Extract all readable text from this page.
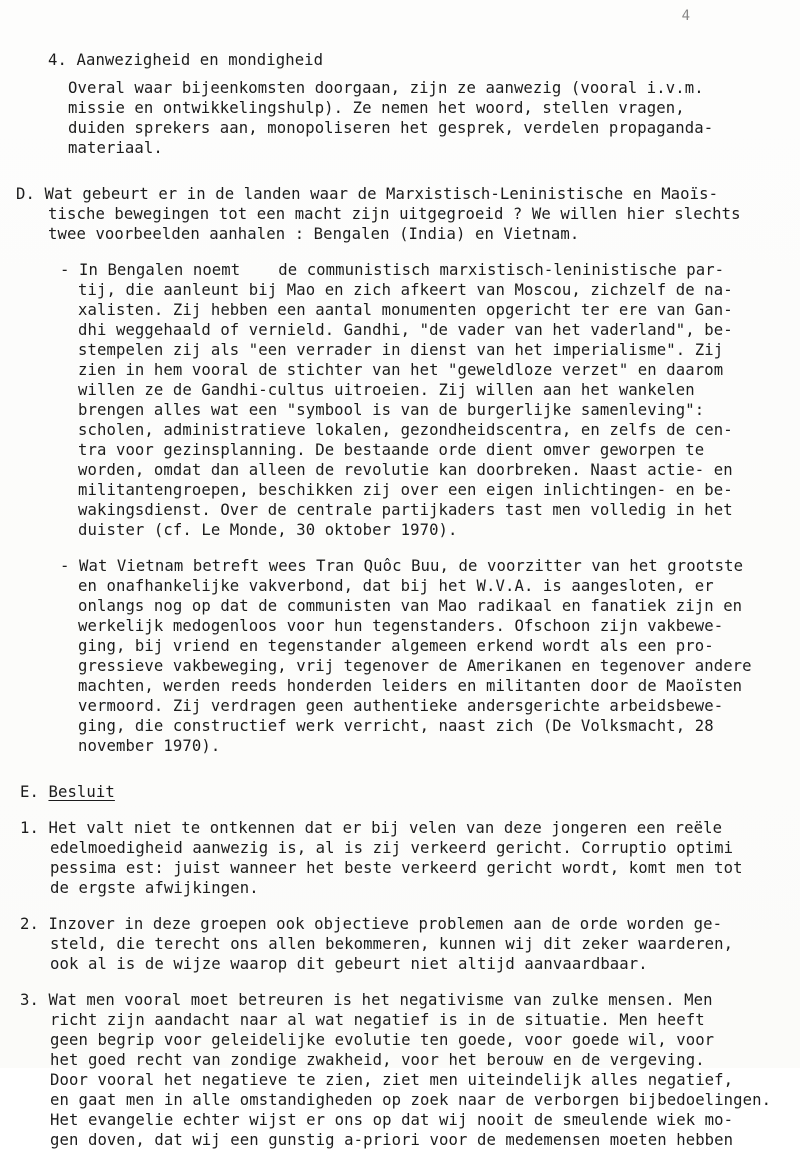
4
4. Aanwezigheid en mondigheid
Overal waar bijeenkomsten doorgaan, zijn ze aanwezig (vooral i.v.m.
missie en ontwikkelingshulp). Ze nemen het woord, stellen vragen,
duiden sprekers aan, monopoliseren het gesprek, verdelen propaganda-
materiaal.
D. Wat gebeurt er in de landen waar de Marxistisch-Leninistische en Maoïs-
tische bewegingen tot een macht zijn uitgegroeid ? We willen hier slechts
twee voorbeelden aanhalen : Bengalen (India) en Vietnam.
- In Bengalen noemt    de communistisch marxistisch-leninistische par-
tij, die aanleunt bij Mao en zich afkeert van Moscou, zichzelf de na-
xalisten. Zij hebben een aantal monumenten opgericht ter ere van Gan-
dhi weggehaald of vernield. Gandhi, "de vader van het vaderland", be-
stempelen zij als "een verrader in dienst van het imperialisme". Zij
zien in hem vooral de stichter van het "geweldloze verzet" en daarom
willen ze de Gandhi-cultus uitroeien. Zij willen aan het wankelen
brengen alles wat een "symbool is van de burgerlijke samenleving":
scholen, administratieve lokalen, gezondheidscentra, en zelfs de cen-
tra voor gezinsplanning. De bestaande orde dient omver geworpen te
worden, omdat dan alleen de revolutie kan doorbreken. Naast actie- en
militantengroepen, beschikken zij over een eigen inlichtingen- en be-
wakingsdienst. Over de centrale partijkaders tast men volledig in het
duister (cf. Le Monde, 30 oktober 1970).
- Wat Vietnam betreft wees Tran Quôc Buu, de voorzitter van het grootste
en onafhankelijke vakverbond, dat bij het W.V.A. is aangesloten, er
onlangs nog op dat de communisten van Mao radikaal en fanatiek zijn en
werkelijk medogenloos voor hun tegenstanders. Ofschoon zijn vakbewe-
ging, bij vriend en tegenstander algemeen erkend wordt als een pro-
gressieve vakbeweging, vrij tegenover de Amerikanen en tegenover andere
machten, werden reeds honderden leiders en militanten door de Maoïsten
vermoord. Zij verdragen geen authentieke andersgerichte arbeidsbewe-
ging, die constructief werk verricht, naast zich (De Volksmacht, 28
november 1970).
E. Besluit
1. Het valt niet te ontkennen dat er bij velen van deze jongeren een reële
edelmoedigheid aanwezig is, al is zij verkeerd gericht. Corruptio optimi
pessima est: juist wanneer het beste verkeerd gericht wordt, komt men tot
de ergste afwijkingen.
2. Inzover in deze groepen ook objectieve problemen aan de orde worden ge-
steld, die terecht ons allen bekommeren, kunnen wij dit zeker waarderen,
ook al is de wijze waarop dit gebeurt niet altijd aanvaardbaar.
3. Wat men vooral moet betreuren is het negativisme van zulke mensen. Men
richt zijn aandacht naar al wat negatief is in de situatie. Men heeft
geen begrip voor geleidelijke evolutie ten goede, voor goede wil, voor
het goed recht van zondige zwakheid, voor het berouw en de vergeving.
Door vooral het negatieve te zien, ziet men uiteindelijk alles negatief,
en gaat men in alle omstandigheden op zoek naar de verborgen bijbedoelingen.
Het evangelie echter wijst er ons op dat wij nooit de smeulende wiek mo-
gen doven, dat wij een gunstig a-priori voor de medemensen moeten hebben
